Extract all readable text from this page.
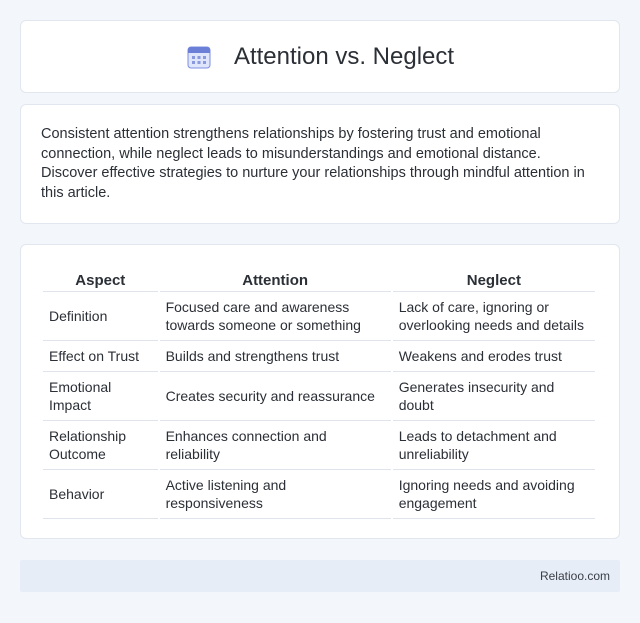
Attention vs. Neglect

Consistent attention strengthens relationships by fostering trust and emotional connection, while neglect leads to misunderstandings and emotional distance. Discover effective strategies to nurture your relationships through mindful attention in this article.

Aspect	Attention	Neglect
Definition	Focused care and awareness towards someone or something	Lack of care, ignoring or overlooking needs and details
Effect on Trust	Builds and strengthens trust	Weakens and erodes trust
Emotional Impact	Creates security and reassurance	Generates insecurity and doubt
Relationship Outcome	Enhances connection and reliability	Leads to detachment and unreliability
Behavior	Active listening and responsiveness	Ignoring needs and avoiding engagement
Relatioo.com
